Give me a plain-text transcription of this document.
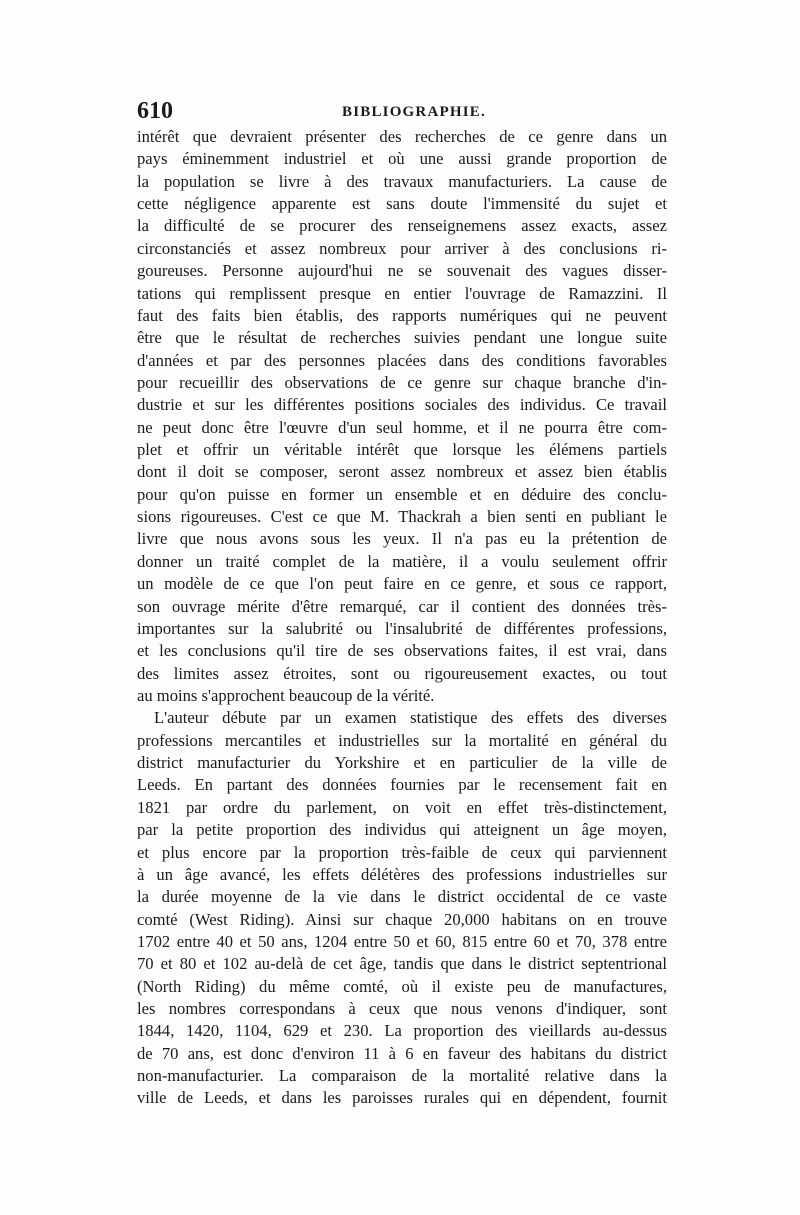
610	BIBLIOGRAPHIE.
intérêt que devraient présenter des recherches de ce genre dans un
pays éminemment industriel et où une aussi grande proportion de
la population se livre à des travaux manufacturiers. La cause de
cette négligence apparente est sans doute l'immensité du sujet et
la difficulté de se procurer des renseignemens assez exacts, assez
circonstanciés et assez nombreux pour arriver à des conclusions ri-
goureuses. Personne aujourd'hui ne se souvenait des vagues disser-
tations qui remplissent presque en entier l'ouvrage de Ramazzini. Il
faut des faits bien établis, des rapports numériques qui ne peuvent
être que le résultat de recherches suivies pendant une longue suite
d'années et par des personnes placées dans des conditions favorables
pour recueillir des observations de ce genre sur chaque branche d'in-
dustrie et sur les différentes positions sociales des individus. Ce travail
ne peut donc être l'œuvre d'un seul homme, et il ne pourra être com-
plet et offrir un véritable intérêt que lorsque les élémens partiels
dont il doit se composer, seront assez nombreux et assez bien établis
pour qu'on puisse en former un ensemble et en déduire des conclu-
sions rigoureuses. C'est ce que M. Thackrah a bien senti en publiant le
livre que nous avons sous les yeux. Il n'a pas eu la prétention de
donner un traité complet de la matière, il a voulu seulement offrir
un modèle de ce que l'on peut faire en ce genre, et sous ce rapport,
son ouvrage mérite d'être remarqué, car il contient des données très-
importantes sur la salubrité ou l'insalubrité de différentes professions,
et les conclusions qu'il tire de ses observations faites, il est vrai, dans
des limites assez étroites, sont ou rigoureusement exactes, ou tout
au moins s'approchent beaucoup de la vérité.
L'auteur débute par un examen statistique des effets des diverses
professions mercantiles et industrielles sur la mortalité en général du
district manufacturier du Yorkshire et en particulier de la ville de
Leeds. En partant des données fournies par le recensement fait en
1821 par ordre du parlement, on voit en effet très-distinctement,
par la petite proportion des individus qui atteignent un âge moyen,
et plus encore par la proportion très-faible de ceux qui parviennent
à un âge avancé, les effets délétères des professions industrielles sur
la durée moyenne de la vie dans le district occidental de ce vaste
comté (West Riding). Ainsi sur chaque 20,000 habitans on en trouve
1702 entre 40 et 50 ans, 1204 entre 50 et 60, 815 entre 60 et 70, 378 entre
70 et 80 et 102 au-delà de cet âge, tandis que dans le district septentrional
(North Riding) du même comté, où il existe peu de manufactures,
les nombres correspondans à ceux que nous venons d'indiquer, sont
1844, 1420, 1104, 629 et 230. La proportion des vieillards au-dessus
de 70 ans, est donc d'environ 11 à 6 en faveur des habitans du district
non-manufacturier. La comparaison de la mortalité relative dans la
ville de Leeds, et dans les paroisses rurales qui en dépendent, fournit
